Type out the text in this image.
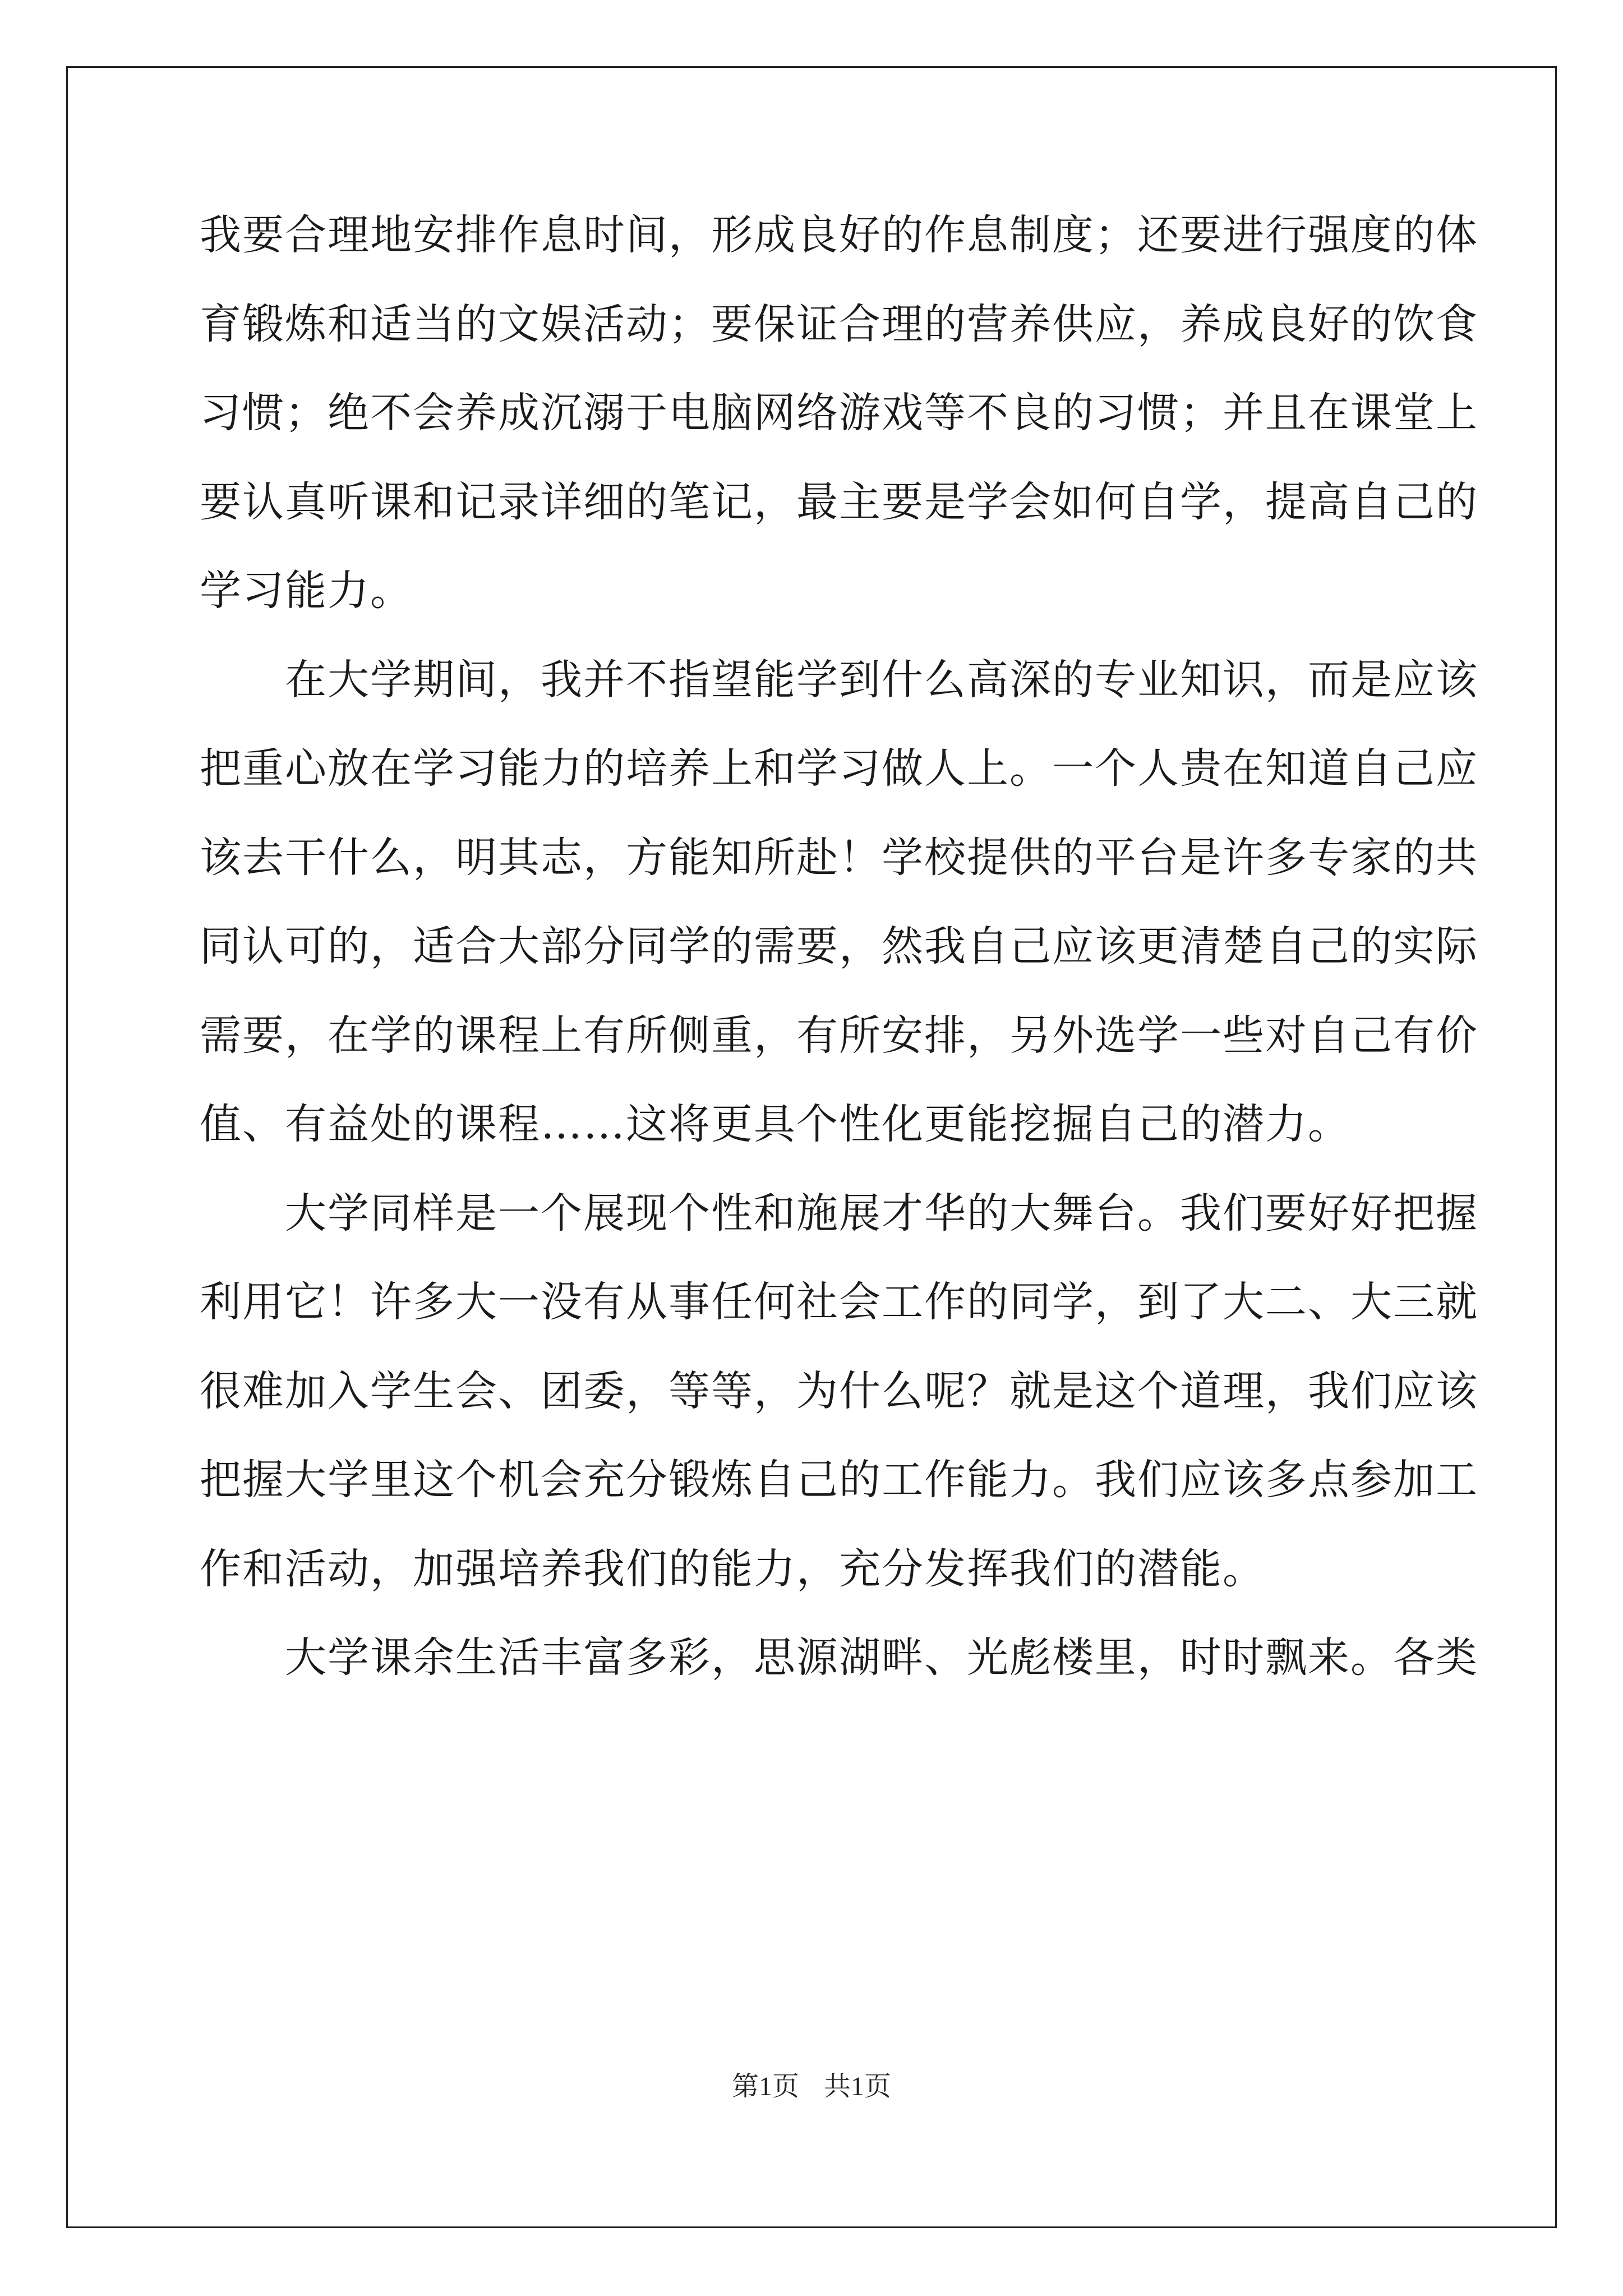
我要合理地安排作息时间，形成良好的作息制度；还要进行强度的体
育锻炼和适当的文娱活动；要保证合理的营养供应，养成良好的饮食
习惯；绝不会养成沉溺于电脑网络游戏等不良的习惯；并且在课堂上
要认真听课和记录详细的笔记，最主要是学会如何自学，提高自己的
学习能力。
　　在大学期间，我并不指望能学到什么高深的专业知识，而是应该
把重心放在学习能力的培养上和学习做人上。一个人贵在知道自己应
该去干什么，明其志，方能知所赴！学校提供的平台是许多专家的共
同认可的，适合大部分同学的需要，然我自己应该更清楚自己的实际
需要，在学的课程上有所侧重，有所安排，另外选学一些对自己有价
值、有益处的课程……这将更具个性化更能挖掘自己的潜力。
　　大学同样是一个展现个性和施展才华的大舞台。我们要好好把握
利用它！许多大一没有从事任何社会工作的同学，到了大二、大三就
很难加入学生会、团委，等等，为什么呢？就是这个道理，我们应该
把握大学里这个机会充分锻炼自己的工作能力。我们应该多点参加工
作和活动，加强培养我们的能力，充分发挥我们的潜能。
　　大学课余生活丰富多彩，思源湖畔、光彪楼里，时时飘来。各类
第1页 共1页
